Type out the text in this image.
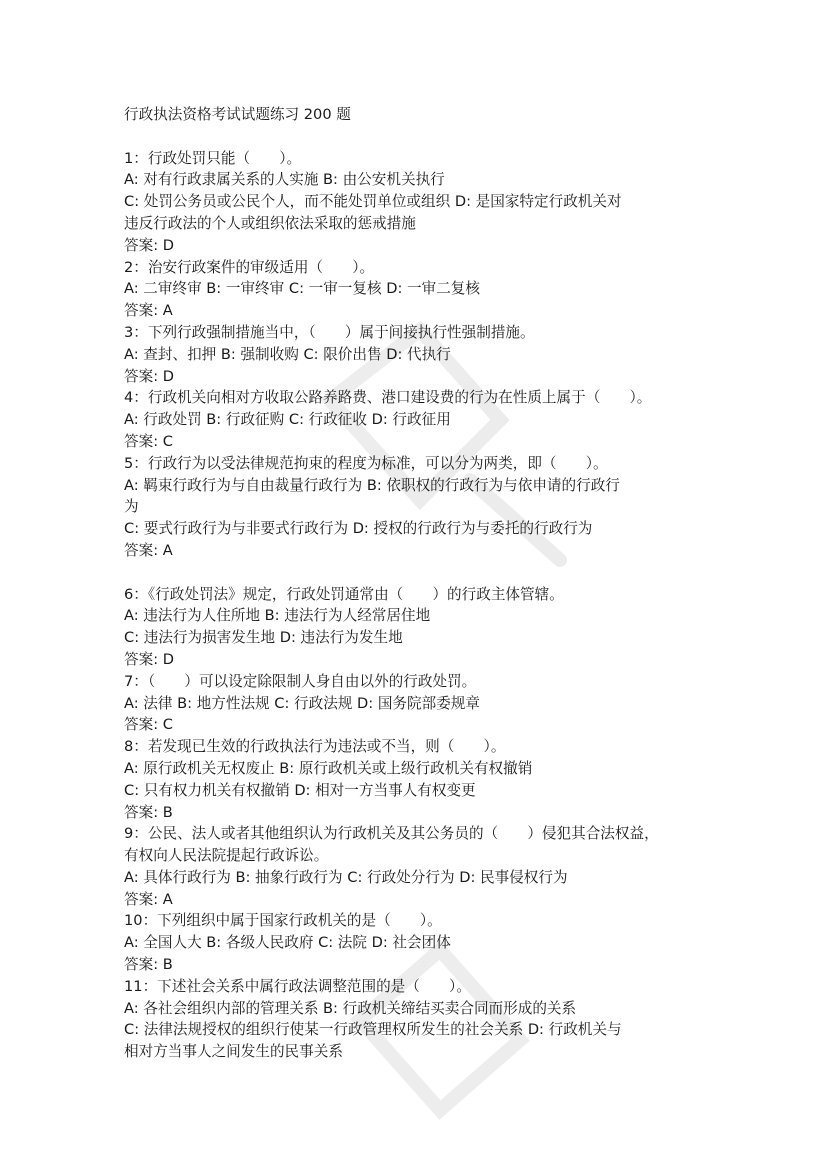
行政执法资格考试试题练习 200 题
1：行政处罚只能（　　）。
A: 对有行政隶属关系的人实施 B: 由公安机关执行
C: 处罚公务员或公民个人，而不能处罚单位或组织 D: 是国家特定行政机关对
违反行政法的个人或组织依法采取的惩戒措施
答案: D
2：治安行政案件的审级适用（　　）。
A: 二审终审 B: 一审终审 C: 一审一复核 D: 一审二复核
答案: A
3：下列行政强制措施当中，（　　）属于间接执行性强制措施。
A: 查封、扣押 B: 强制收购 C: 限价出售 D: 代执行
答案: D
4：行政机关向相对方收取公路养路费、港口建设费的行为在性质上属于（　　）。
A: 行政处罚 B: 行政征购 C: 行政征收 D: 行政征用
答案: C
5：行政行为以受法律规范拘束的程度为标准，可以分为两类，即（　　）。
A: 羁束行政行为与自由裁量行政行为 B: 依职权的行政行为与依申请的行政行
为
C: 要式行政行为与非要式行政行为 D: 授权的行政行为与委托的行政行为
答案: A
6：《行政处罚法》规定，行政处罚通常由（　　）的行政主体管辖。
A: 违法行为人住所地 B: 违法行为人经常居住地
C: 违法行为损害发生地 D: 违法行为发生地
答案: D
7：（　　）可以设定除限制人身自由以外的行政处罚。
A: 法律 B: 地方性法规 C: 行政法规 D: 国务院部委规章
答案: C
8：若发现已生效的行政执法行为违法或不当，则（　　）。
A: 原行政机关无权废止 B: 原行政机关或上级行政机关有权撤销
C: 只有权力机关有权撤销 D: 相对一方当事人有权变更
答案: B
9：公民、法人或者其他组织认为行政机关及其公务员的（　　）侵犯其合法权益，
有权向人民法院提起行政诉讼。
A: 具体行政行为 B: 抽象行政行为 C: 行政处分行为 D: 民事侵权行为
答案: A
10：下列组织中属于国家行政机关的是（　　）。
A: 全国人大 B: 各级人民政府 C: 法院 D: 社会团体
答案: B
11：下述社会关系中属行政法调整范围的是（　　）。
A: 各社会组织内部的管理关系 B: 行政机关缔结买卖合同而形成的关系
C: 法律法规授权的组织行使某一行政管理权所发生的社会关系 D: 行政机关与
相对方当事人之间发生的民事关系
